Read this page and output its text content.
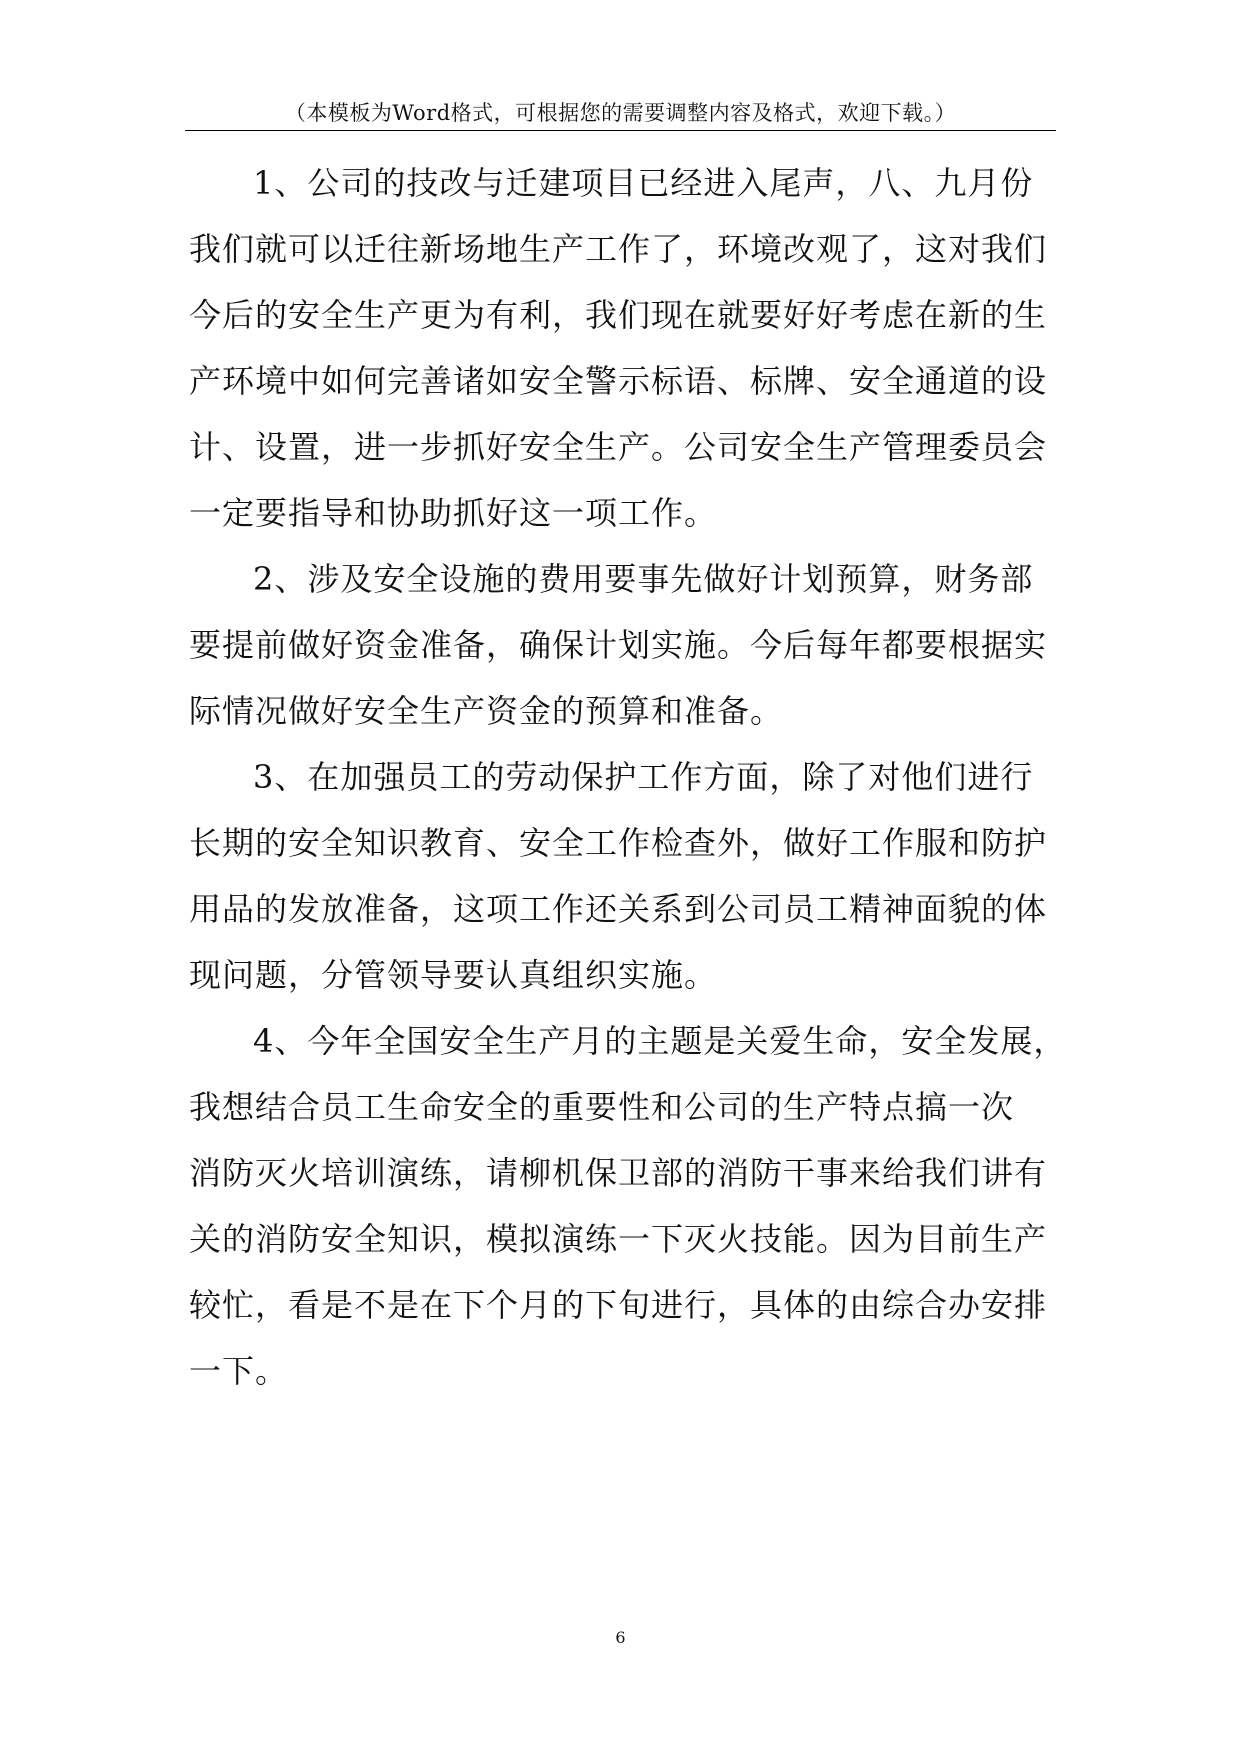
（本模板为Word格式，可根据您的需要调整内容及格式，欢迎下载。）
1、公司的技改与迁建项目已经进入尾声，八、九月份
我们就可以迁往新场地生产工作了，环境改观了，这对我们
今后的安全生产更为有利，我们现在就要好好考虑在新的生
产环境中如何完善诸如安全警示标语、标牌、安全通道的设
计、设置，进一步抓好安全生产。公司安全生产管理委员会
一定要指导和协助抓好这一项工作。
2、涉及安全设施的费用要事先做好计划预算，财务部
要提前做好资金准备，确保计划实施。今后每年都要根据实
际情况做好安全生产资金的预算和准备。
3、在加强员工的劳动保护工作方面，除了对他们进行
长期的安全知识教育、安全工作检查外，做好工作服和防护
用品的发放准备，这项工作还关系到公司员工精神面貌的体
现问题，分管领导要认真组织实施。
4、今年全国安全生产月的主题是关爱生命，安全发展，
我想结合员工生命安全的重要性和公司的生产特点搞一次
消防灭火培训演练，请柳机保卫部的消防干事来给我们讲有
关的消防安全知识，模拟演练一下灭火技能。因为目前生产
较忙，看是不是在下个月的下旬进行，具体的由综合办安排
一下。
6
